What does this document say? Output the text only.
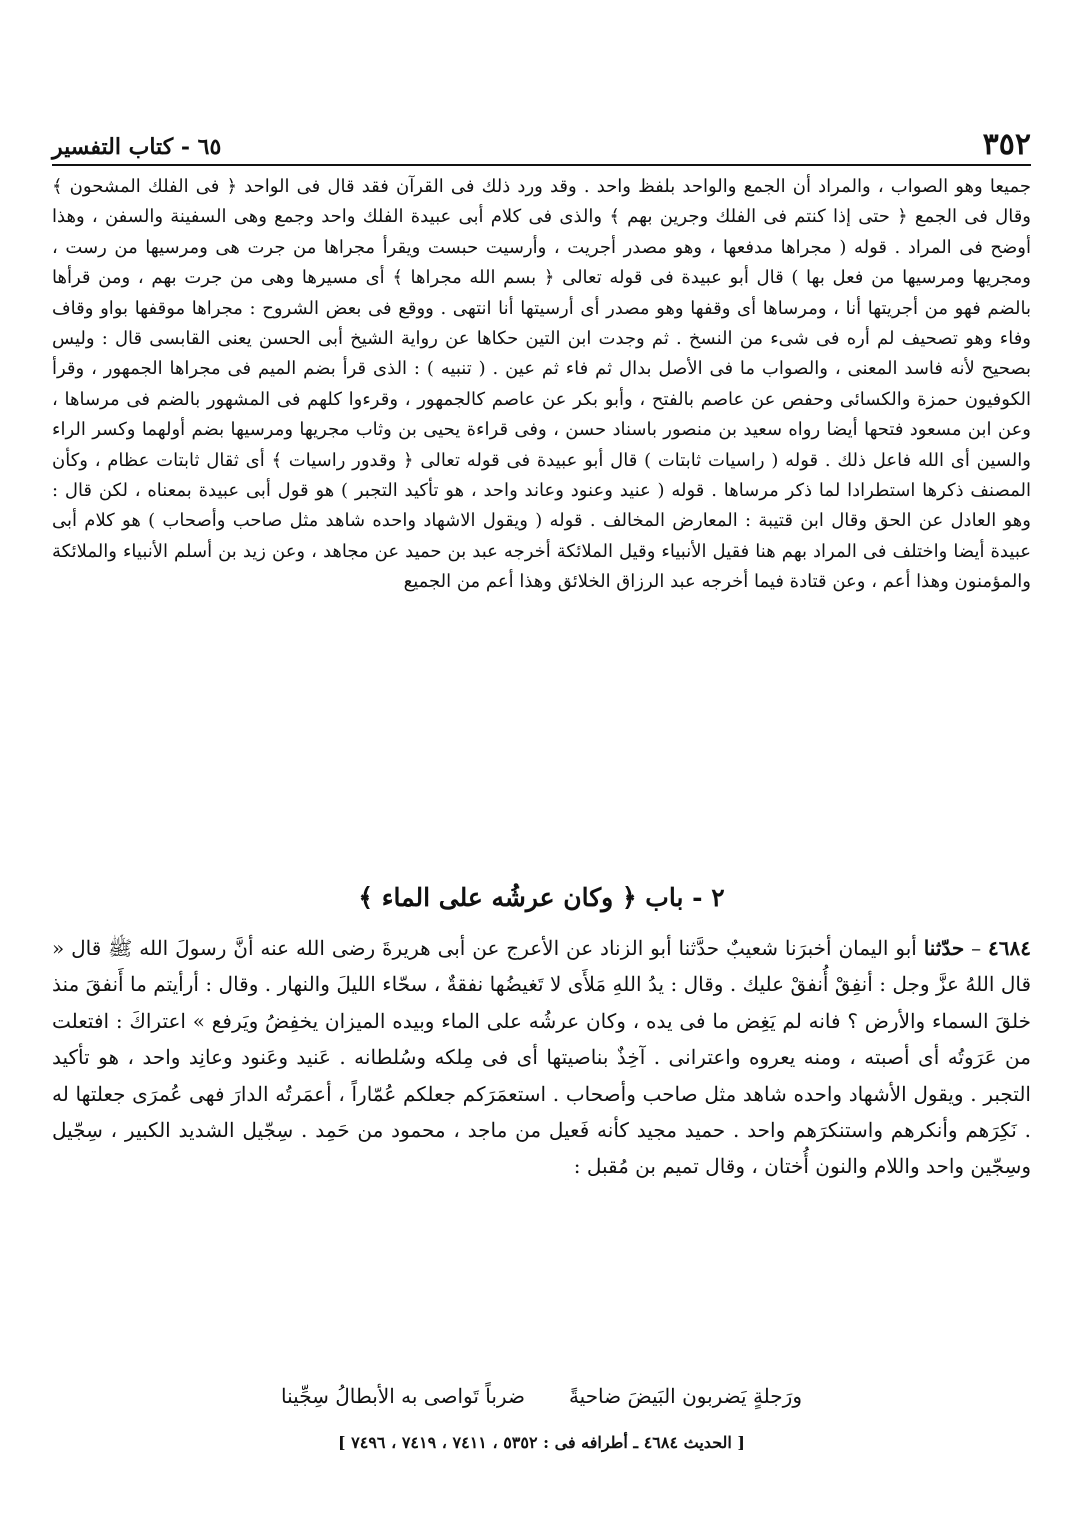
٦٥ - كتاب التفسير	٣٥٢

جميعا وهو الصواب ، والمراد أن الجمع والواحد بلفظ واحد . وقد ورد ذلك فى القرآن فقد قال فى الواحد ﴿ فى الفلك المشحون ﴾ وقال فى الجمع ﴿ حتى إذا كنتم فى الفلك وجرين بهم ﴾ والذى فى كلام أبى عبيدة الفلك واحد وجمع وهى السفينة والسفن ، وهذا أوضح فى المراد . قوله ( مجراها مدفعها ، وهو مصدر أجريت ، وأرسيت حبست ويقرأ مجراها من جرت هى ومرسيها من رست ، ومجريها ومرسيها من فعل بها ) قال أبو عبيدة فى قوله تعالى ﴿ بسم الله مجراها ﴾ أى مسيرها وهى من جرت بهم ، ومن قرأها بالضم فهو من أجريتها أنا ، ومرساها أى وقفها وهو مصدر أى أرسيتها أنا انتهى . ووقع فى بعض الشروح : مجراها موقفها بواو وقاف وفاء وهو تصحيف لم أره فى شىء من النسخ . ثم وجدت ابن التين حكاها عن رواية الشيخ أبى الحسن يعنى القابسى قال : وليس بصحيح لأنه فاسد المعنى ، والصواب ما فى الأصل بدال ثم فاء ثم عين . ( تنبيه ) : الذى قرأ بضم الميم فى مجراها الجمهور ، وقرأ الكوفيون حمزة والكسائى وحفص عن عاصم بالفتح ، وأبو بكر عن عاصم كالجمهور ، وقرءوا كلهم فى المشهور بالضم فى مرساها ، وعن ابن مسعود فتحها أيضا رواه سعيد بن منصور باسناد حسن ، وفى قراءة يحيى بن وثاب مجريها ومرسيها بضم أولهما وكسر الراء والسين أى الله فاعل ذلك . قوله ( راسيات ثابتات ) قال أبو عبيدة فى قوله تعالى ﴿ وقدور راسيات ﴾ أى ثقال ثابتات عظام ، وكأن المصنف ذكرها استطرادا لما ذكر مرساها . قوله ( عنيد وعنود وعاند واحد ، هو تأكيد التجبر ) هو قول أبى عبيدة بمعناه ، لكن قال : وهو العادل عن الحق وقال ابن قتيبة : المعارض المخالف . قوله ( ويقول الاشهاد واحده شاهد مثل صاحب وأصحاب ) هو كلام أبى عبيدة أيضا واختلف فى المراد بهم هنا فقيل الأنبياء وقيل الملائكة أخرجه عبد بن حميد عن مجاهد ، وعن زيد بن أسلم الأنبياء والملائكة والمؤمنون وهذا أعم ، وعن قتادة فيما أخرجه عبد الرزاق الخلائق وهذا أعم من الجميع

٢ - باب ﴿ وكان عرشُه على الماء ﴾

٤٦٨٤ – حدّثنا أبو اليمان أخبرَنا شعيبٌ حدَّثنا أبو الزناد عن الأعرج عن أبى هريرةَ رضى الله عنه أنَّ رسولَ الله ﷺ قال « قال اللهُ عزَّ وجل : أنفِقْ أُنفقْ عليك . وقال : يدُ اللهِ مَلأَى لا تَغيضُها نفقةٌ ، سحّاء الليلَ والنهار . وقال : أرأيتم ما أَنفقَ منذ خلقَ السماء والأرض ؟ فانه لم يَغِض ما فى يده ، وكان عرشُه على الماء وبيده الميزان يخفِضُ ويَرفع » اعتراكَ : افتعلت من عَرَوتُه أى أصبته ، ومنه يعروه واعترانى . آخِذٌ بناصيتها أى فى مِلكه وسُلطانه . عَنيد وعَنود وعانِد واحد ، هو تأكيد التجبر . ويقول الأشهاد واحده شاهد مثل صاحب وأصحاب . استعمَرَكم جعلكم عُمّاراً ، أعمَرتُه الدارَ فهى عُمرَى جعلتها له . نَكِرَهم وأنكرهم واستنكرَهم واحد . حميد مجيد كأنه فَعيل من ماجد ، محمود من حَمِد . سِجّيل الشديد الكبير ، سِجّيل وسِجّين واحد واللام والنون أُختان ، وقال تميم بن مُقبل :

ورَجلةٍ يَضربون البَيضَ ضاحيةً
ضرباً تَواصى به الأبطالُ سِجِّينا
[ الحديث ٤٦٨٤ ـ أطرافه فى : ٥٣٥٢ ، ٧٤١١ ، ٧٤١٩ ، ٧٤٩٦ ]
